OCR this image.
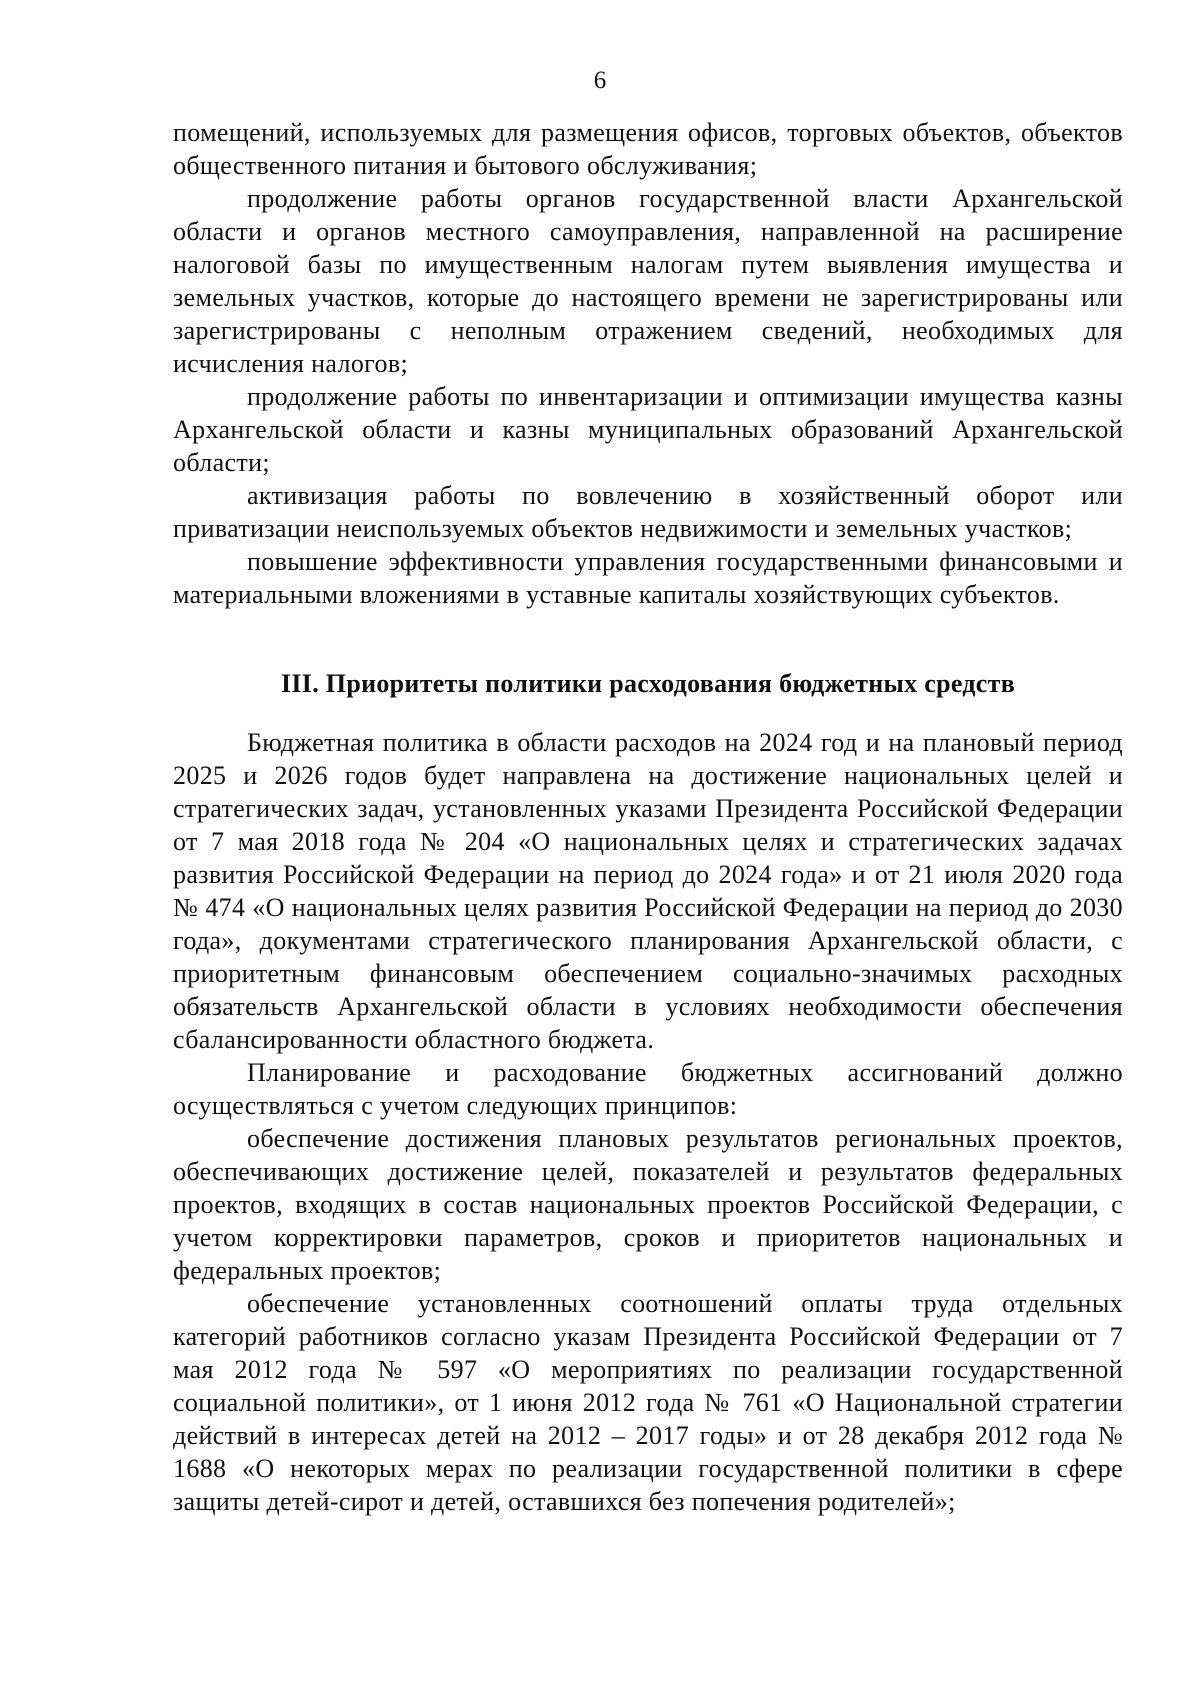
6

помещений, используемых для размещения офисов, торговых объектов, объектов общественного питания и бытового обслуживания;

продолжение работы органов государственной власти Архангельской области и органов местного самоуправления, направленной на расширение налоговой базы по имущественным налогам путем выявления имущества и земельных участков, которые до настоящего времени не зарегистрированы или зарегистрированы с неполным отражением сведений, необходимых для исчисления налогов;

продолжение работы по инвентаризации и оптимизации имущества казны Архангельской области и казны муниципальных образований Архангельской области;

активизация работы по вовлечению в хозяйственный оборот или приватизации неиспользуемых объектов недвижимости и земельных участков;

повышение эффективности управления государственными финансовыми и материальными вложениями в уставные капиталы хозяйствующих субъектов.

III. Приоритеты политики расходования бюджетных средств

Бюджетная политика в области расходов на 2024 год и на плановый период 2025 и 2026 годов будет направлена на достижение национальных целей и стратегических задач, установленных указами Президента Российской Федерации от 7 мая 2018 года № 204 «О национальных целях и стратегических задачах развития Российской Федерации на период до 2024 года» и от 21 июля 2020 года № 474 «О национальных целях развития Российской Федерации на период до 2030 года», документами стратегического планирования Архангельской области, с приоритетным финансовым обеспечением социально-значимых расходных обязательств Архангельской области в условиях необходимости обеспечения сбалансированности областного бюджета.

Планирование и расходование бюджетных ассигнований должно осуществляться с учетом следующих принципов:

обеспечение достижения плановых результатов региональных проектов, обеспечивающих достижение целей, показателей и результатов федеральных проектов, входящих в состав национальных проектов Российской Федерации, с учетом корректировки параметров, сроков и приоритетов национальных и федеральных проектов;

обеспечение установленных соотношений оплаты труда отдельных категорий работников согласно указам Президента Российской Федерации от 7 мая 2012 года № 597 «О мероприятиях по реализации государственной социальной политики», от 1 июня 2012 года № 761 «О Национальной стратегии действий в интересах детей на 2012 – 2017 годы» и от 28 декабря 2012 года № 1688 «О некоторых мерах по реализации государственной политики в сфере защиты детей-сирот и детей, оставшихся без попечения родителей»;
